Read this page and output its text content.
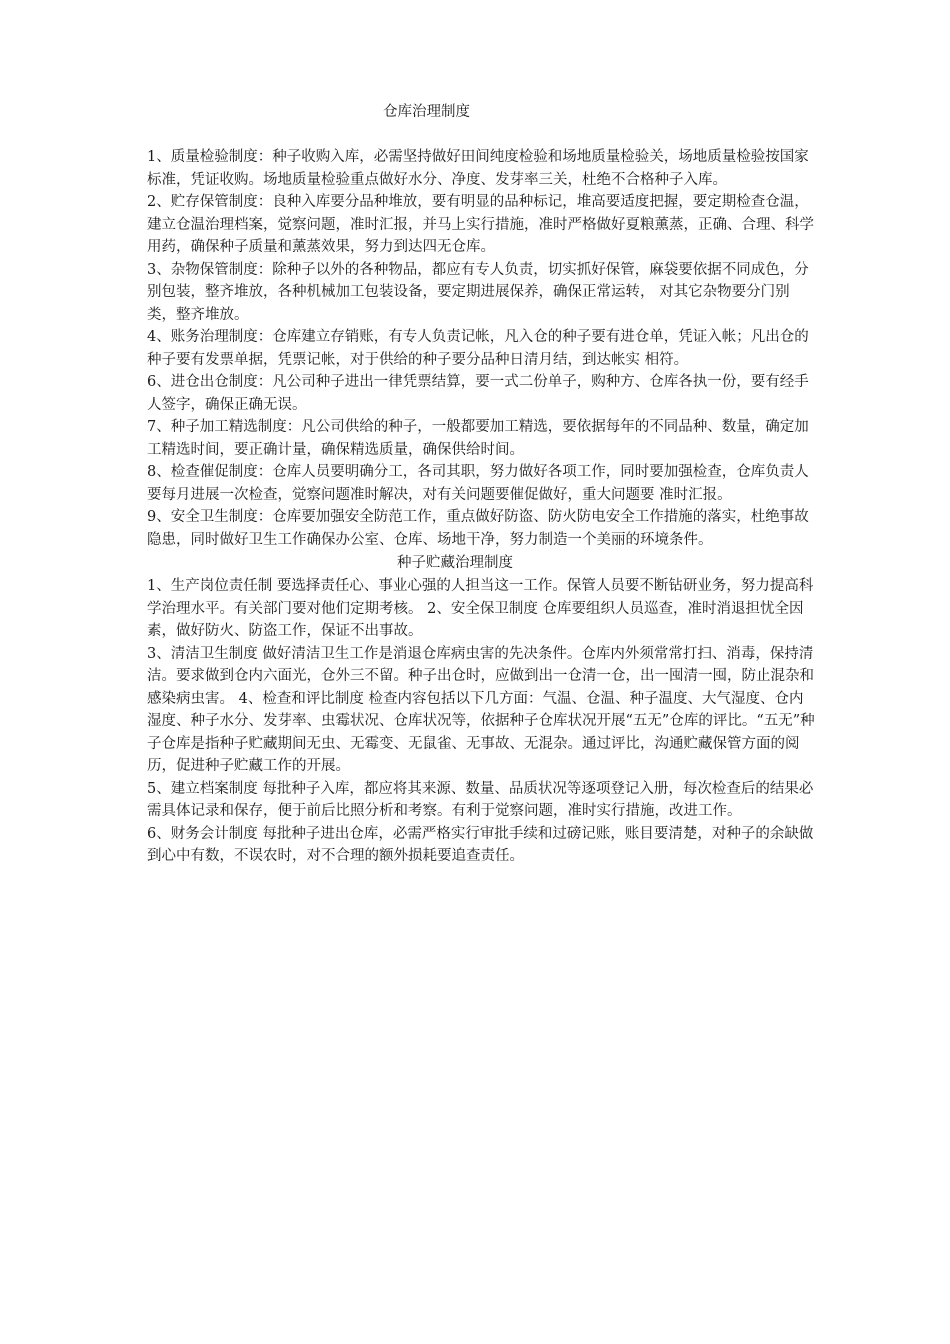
仓库治理制度

1、质量检验制度：种子收购入库，必需坚持做好田间纯度检验和场地质量检验关，场地质量检验按国家标准，凭证收购。场地质量检验重点做好水分、净度、发芽率三关，杜绝不合格种子入库。

2、贮存保管制度：良种入库要分品种堆放，要有明显的品种标记，堆高要适度把握，要定期检查仓温，建立仓温治理档案，觉察问题，准时汇报，并马上实行措施，准时严格做好夏粮薰蒸，正确、合理、科学用药，确保种子质量和薰蒸效果，努力到达四无仓库。

3、杂物保管制度：除种子以外的各种物品，都应有专人负责，切实抓好保管，麻袋要依据不同成色，分别包装，整齐堆放，各种机械加工包装设备，要定期进展保养，确保正常运转， 对其它杂物要分门别类，整齐堆放。

4、账务治理制度：仓库建立存销账，有专人负责记帐，凡入仓的种子要有进仓单，凭证入帐；凡出仓的种子要有发票单据，凭票记帐，对于供给的种子要分品种日清月结，到达帐实 相符。

6、进仓出仓制度：凡公司种子进出一律凭票结算，要一式二份单子，购种方、仓库各执一份，要有经手人签字，确保正确无误。

7、种子加工精选制度：凡公司供给的种子，一般都要加工精选，要依据每年的不同品种、数量，确定加工精选时间，要正确计量，确保精选质量，确保供给时间。

8、检查催促制度：仓库人员要明确分工，各司其职，努力做好各项工作，同时要加强检查，仓库负责人要每月进展一次检查，觉察问题准时解决，对有关问题要催促做好，重大问题要 准时汇报。

9、安全卫生制度：仓库要加强安全防范工作，重点做好防盗、防火防电安全工作措施的落实，杜绝事故隐患，同时做好卫生工作确保办公室、仓库、场地干净，努力制造一个美丽的环境条件。

种子贮藏治理制度

1、生产岗位责任制 要选择责任心、事业心强的人担当这一工作。保管人员要不断钻研业务，努力提高科学治理水平。有关部门要对他们定期考核。 2、安全保卫制度 仓库要组织人员巡查，准时消退担忧全因素，做好防火、防盗工作，保证不出事故。

3、清洁卫生制度 做好清洁卫生工作是消退仓库病虫害的先决条件。仓库内外须常常打扫、消毒，保持清洁。要求做到仓内六面光，仓外三不留。种子出仓时，应做到出一仓清一仓，出一囤清一囤，防止混杂和感染病虫害。 4、检查和评比制度 检查内容包括以下几方面：气温、仓温、种子温度、大气湿度、仓内湿度、种子水分、发芽率、虫霉状况、仓库状况等，依据种子仓库状况开展“五无”仓库的评比。“五无”种子仓库是指种子贮藏期间无虫、无霉变、无鼠雀、无事故、无混杂。通过评比，沟通贮藏保管方面的阅历，促进种子贮藏工作的开展。

5、建立档案制度 每批种子入库，都应将其来源、数量、品质状况等逐项登记入册，每次检查后的结果必需具体记录和保存，便于前后比照分析和考察。有利于觉察问题，准时实行措施，改进工作。

6、财务会计制度 每批种子进出仓库，必需严格实行审批手续和过磅记账，账目要清楚，对种子的余缺做到心中有数，不误农时，对不合理的额外损耗要追查责任。
